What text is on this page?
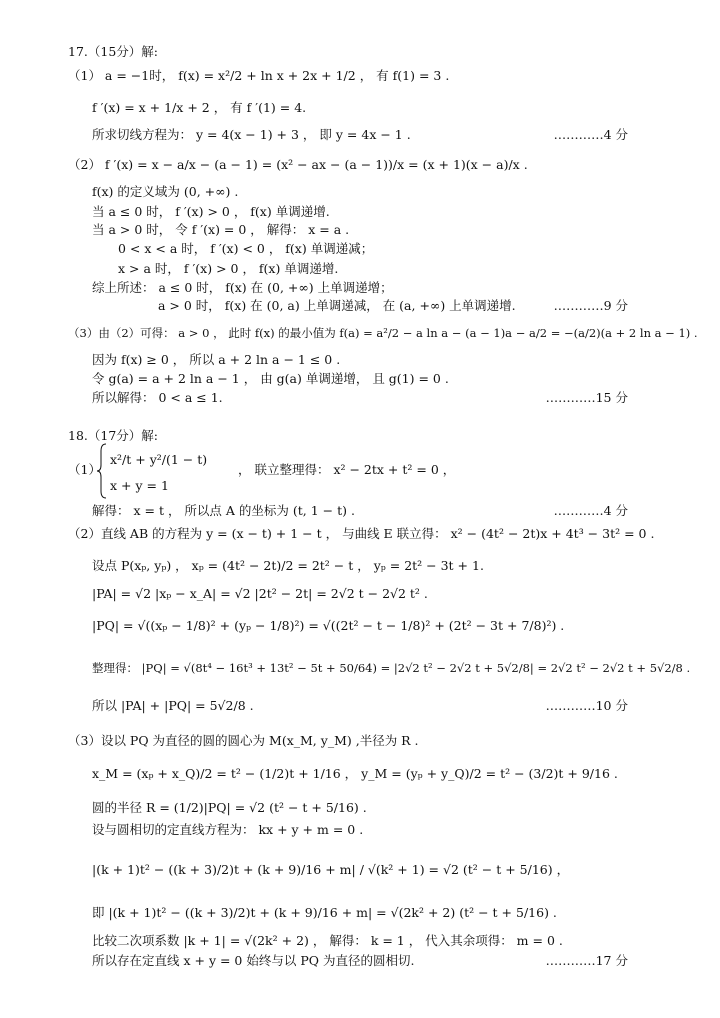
17.（15分）解:
（1） a = −1时， f(x) = x²/2 + ln x + 2x + 1/2 ， 有 f(1) = 3 .
f ′(x) = x + 1/x + 2 ， 有 f ′(1) = 4.
所求切线方程为： y = 4(x − 1) + 3 ， 即 y = 4x − 1 .	…………4 分
（2） f ′(x) = x − a/x − (a − 1) = (x² − ax − (a − 1))/x = (x + 1)(x − a)/x .
f(x) 的定义域为 (0, +∞) .
当 a ≤ 0 时， f ′(x) > 0 ， f(x) 单调递增.
当 a > 0 时， 令 f ′(x) = 0 ， 解得： x = a .
0 < x < a 时， f ′(x) < 0 ， f(x) 单调递减；
x > a 时， f ′(x) > 0 ， f(x) 单调递增.
综上所述： a ≤ 0 时， f(x) 在 (0, +∞) 上单调递增；
a > 0 时， f(x) 在 (0, a) 上单调递减， 在 (a, +∞) 上单调递增.	…………9 分
（3）由（2）可得： a > 0 ， 此时 f(x) 的最小值为 f(a) = a²/2 − a ln a − (a − 1)a − a/2 = −(a/2)(a + 2 ln a − 1) .
因为 f(x) ≥ 0 ， 所以 a + 2 ln a − 1 ≤ 0 .
令 g(a) = a + 2 ln a − 1 ， 由 g(a) 单调递增， 且 g(1) = 0 .
所以解得： 0 < a ≤ 1.	…………15 分
18.（17分）解:
（1）
x²/t + y²/(1 − t)
x + y = 1
， 联立整理得： x² − 2tx + t² = 0 ，
解得： x = t ， 所以点 A 的坐标为 (t, 1 − t) .	…………4 分
（2）直线 AB 的方程为 y = (x − t) + 1 − t ， 与曲线 E 联立得： x² − (4t² − 2t)x + 4t³ − 3t² = 0 .
设点 P(xₚ, yₚ) ， xₚ = (4t² − 2t)/2 = 2t² − t ， yₚ = 2t² − 3t + 1.
|PA| = √2 |xₚ − x_A| = √2 |2t² − 2t| = 2√2 t − 2√2 t² .
|PQ| = √((xₚ − 1/8)² + (yₚ − 1/8)²) = √((2t² − t − 1/8)² + (2t² − 3t + 7/8)²) .
整理得： |PQ| = √(8t⁴ − 16t³ + 13t² − 5t + 50/64) = |2√2 t² − 2√2 t + 5√2/8| = 2√2 t² − 2√2 t + 5√2/8 .
所以 |PA| + |PQ| = 5√2/8 .	…………10 分
（3）设以 PQ 为直径的圆的圆心为 M(x_M, y_M) ,半径为 R .
x_M = (xₚ + x_Q)/2 = t² − (1/2)t + 1/16 ， y_M = (yₚ + y_Q)/2 = t² − (3/2)t + 9/16 .
圆的半径 R = (1/2)|PQ| = √2 (t² − t + 5/16) .
设与圆相切的定直线方程为： kx + y + m = 0 .
|(k + 1)t² − ((k + 3)/2)t + (k + 9)/16 + m| / √(k² + 1) = √2 (t² − t + 5/16) ，
即 |(k + 1)t² − ((k + 3)/2)t + (k + 9)/16 + m| = √(2k² + 2) (t² − t + 5/16) .
比较二次项系数 |k + 1| = √(2k² + 2) ， 解得： k = 1 ， 代入其余项得： m = 0 .
所以存在定直线 x + y = 0 始终与以 PQ 为直径的圆相切.	…………17 分
